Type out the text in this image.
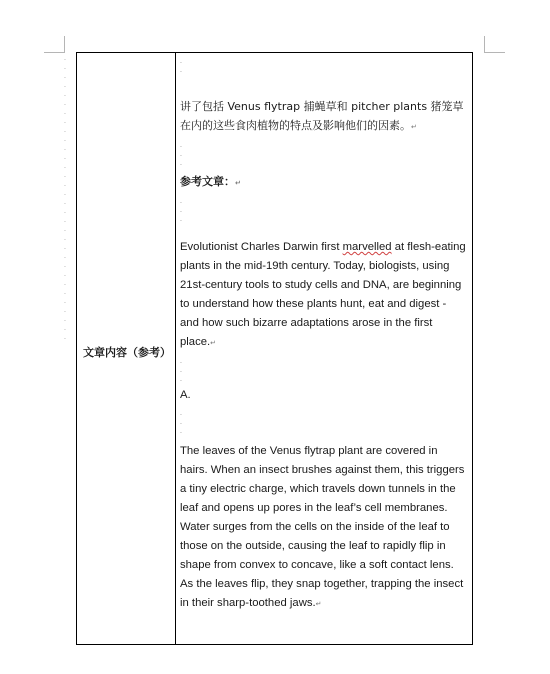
.
.
.
.
.
.
.
.
.
.
.
.
.
.
.
.
.
.
.
.
.
.
.
.
.
.
.
.
.
.
.
.
文章内容（参考）
.
.
讲了包括 Venus flytrap 捕蝇草和 pitcher plants 猪笼草在内的这些食肉植物的特点及影响他们的因素。↵
.
.
.
参考文章：↵
.
.
.
Evolutionist Charles Darwin first marvelled at flesh-eating plants in the mid-19th century. Today, biologists, using 21st-century tools to study cells and DNA, are beginning to understand how these plants hunt, eat and digest - and how such bizarre adaptations arose in the first place.↵
.
.
.
A.
.
.
.
The leaves of the Venus flytrap plant are covered in hairs. When an insect brushes against them, this triggers a tiny electric charge, which travels down tunnels in the leaf and opens up pores in the leaf’s cell membranes. Water surges from the cells on the inside of the leaf to those on the outside, causing the leaf to rapidly flip in shape from convex to concave, like a soft contact lens. As the leaves flip, they snap together, trapping the insect in their sharp-toothed jaws.↵
